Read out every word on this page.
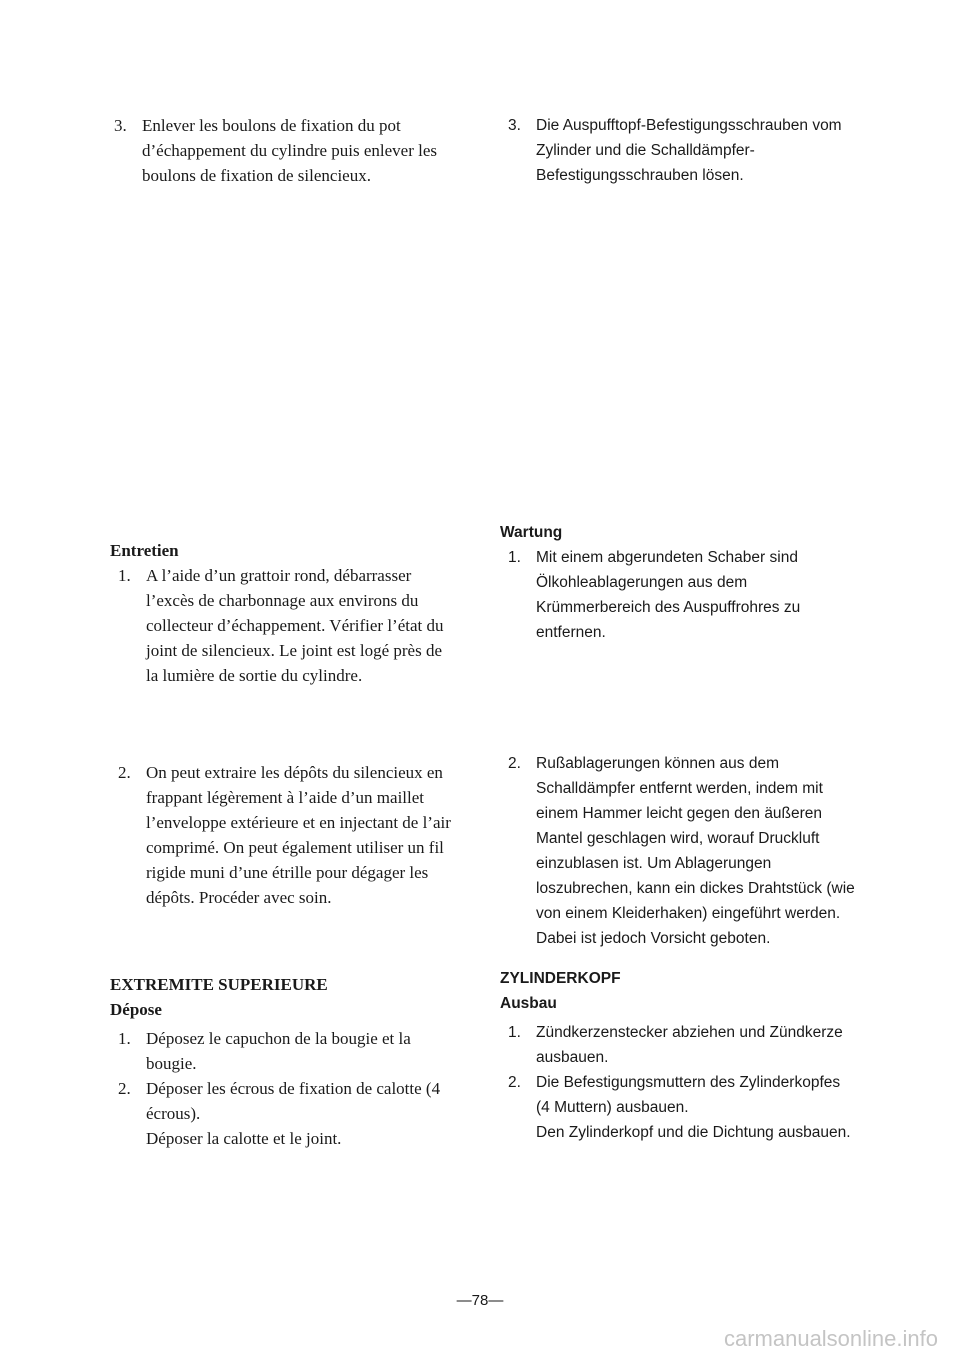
3. Enlever les boulons de fixation du pot d’échappement du cylindre puis enlever les boulons de fixation de silencieux.
Entretien
1. A l’aide d’un grattoir rond, débarrasser l’excès de charbonnage aux environs du collecteur d’échappement. Vérifier l’état du joint de silencieux. Le joint est logé près de la lumière de sortie du cylindre.
2. On peut extraire les dépôts du silencieux en frappant légèrement à l’aide d’un maillet l’enveloppe extérieure et en injectant de l’air comprimé. On peut également utiliser un fil rigide muni d’une étrille pour dégager les dépôts. Procéder avec soin.
EXTREMITE SUPERIEURE
Dépose
1. Déposez le capuchon de la bougie et la bougie.
2. Déposer les écrous de fixation de calotte (4 écrous).
Déposer la calotte et le joint.
3. Die Auspufftopf-Befestigungsschrauben vom Zylinder und die Schalldämpfer-Befestigungsschrauben lösen.
Wartung
1. Mit einem abgerundeten Schaber sind Ölkohleablagerungen aus dem Krümmerbereich des Auspuffrohres zu entfernen.
2. Rußablagerungen können aus dem Schalldämpfer entfernt werden, indem mit einem Hammer leicht gegen den äußeren Mantel geschlagen wird, worauf Druckluft einzublasen ist. Um Ablagerungen loszubrechen, kann ein dickes Drahtstück (wie von einem Kleiderhaken) eingeführt werden. Dabei ist jedoch Vorsicht geboten.
ZYLINDERKOPF
Ausbau
1. Zündkerzenstecker abziehen und Zündkerze ausbauen.
2. Die Befestigungsmuttern des Zylinderkopfes (4 Muttern) ausbauen.
Den Zylinderkopf und die Dichtung ausbauen.
—78—
carmanualsonline.info
